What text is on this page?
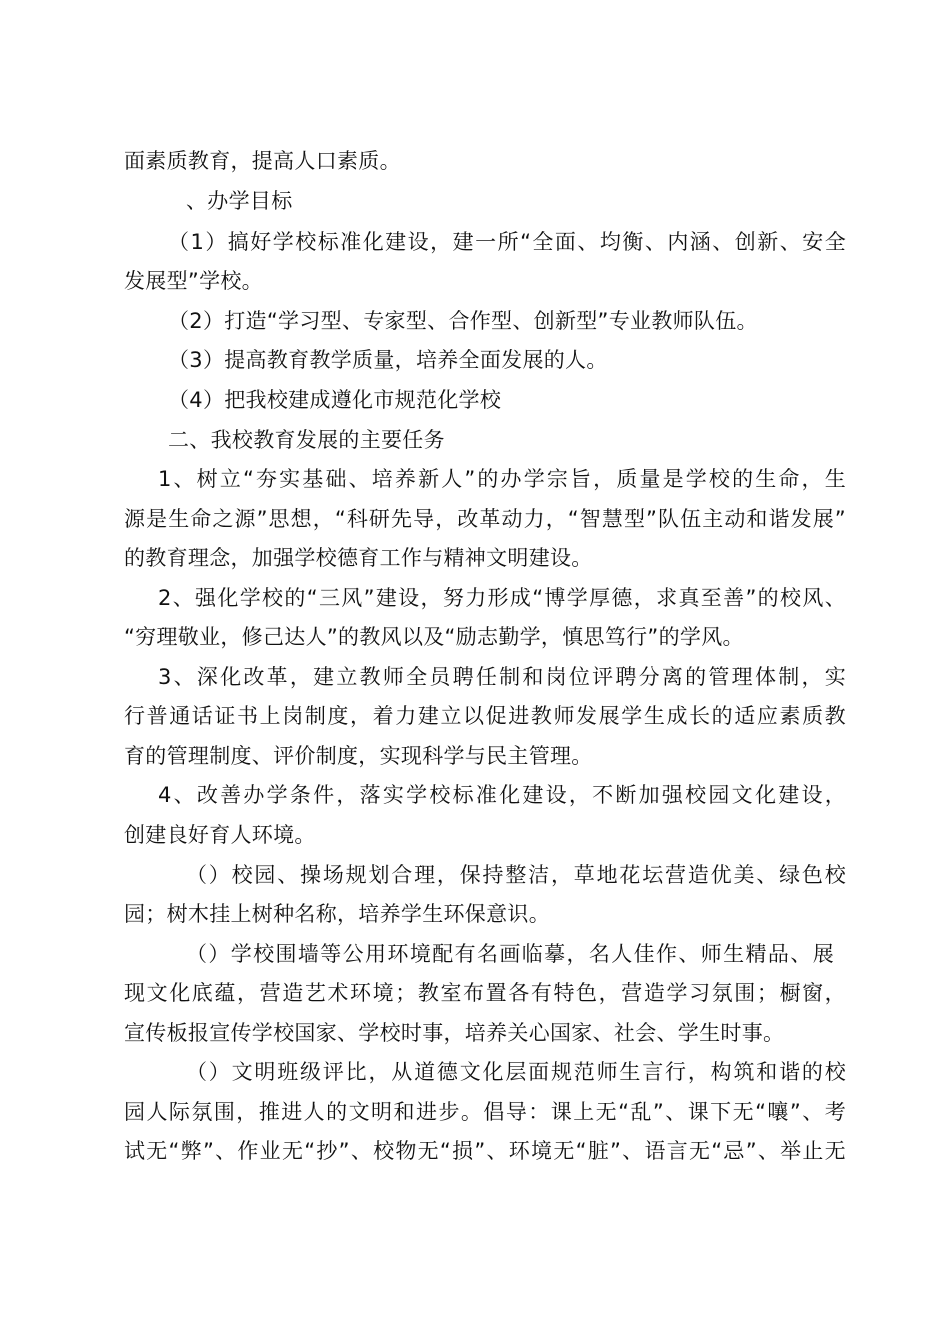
面素质教育，提高人口素质。
、办学目标
（1）搞好学校标准化建设，建一所“全面、均衡、内涵、创新、安全
发展型”学校。
（2）打造“学习型、专家型、合作型、创新型”专业教师队伍。
（3）提高教育教学质量，培养全面发展的人。
（4）把我校建成遵化市规范化学校
二、我校教育发展的主要任务
1、树立“夯实基础、培养新人”的办学宗旨，质量是学校的生命，生
源是生命之源”思想，“科研先导，改革动力，“智慧型”队伍主动和谐发展”
的教育理念，加强学校德育工作与精神文明建设。
2、强化学校的“三风”建设，努力形成“博学厚德，求真至善”的校风、
“穷理敬业，修己达人”的教风以及“励志勤学，慎思笃行”的学风。
3、深化改革，建立教师全员聘任制和岗位评聘分离的管理体制，实
行普通话证书上岗制度，着力建立以促进教师发展学生成长的适应素质教
育的管理制度、评价制度，实现科学与民主管理。
4、改善办学条件，落实学校标准化建设，不断加强校园文化建设，
创建良好育人环境。
（）校园、操场规划合理，保持整洁，草地花坛营造优美、绿色校
园；树木挂上树种名称，培养学生环保意识。
（）学校围墙等公用环境配有名画临摹，名人佳作、师生精品、展
现文化底蕴，营造艺术环境；教室布置各有特色，营造学习氛围；橱窗，
宣传板报宣传学校国家、学校时事，培养关心国家、社会、学生时事。
（）文明班级评比，从道德文化层面规范师生言行，构筑和谐的校
园人际氛围，推进人的文明和进步。倡导：课上无“乱”、课下无“嚷”、考
试无“弊”、作业无“抄”、校物无“损”、环境无“脏”、语言无“忌”、举止无
